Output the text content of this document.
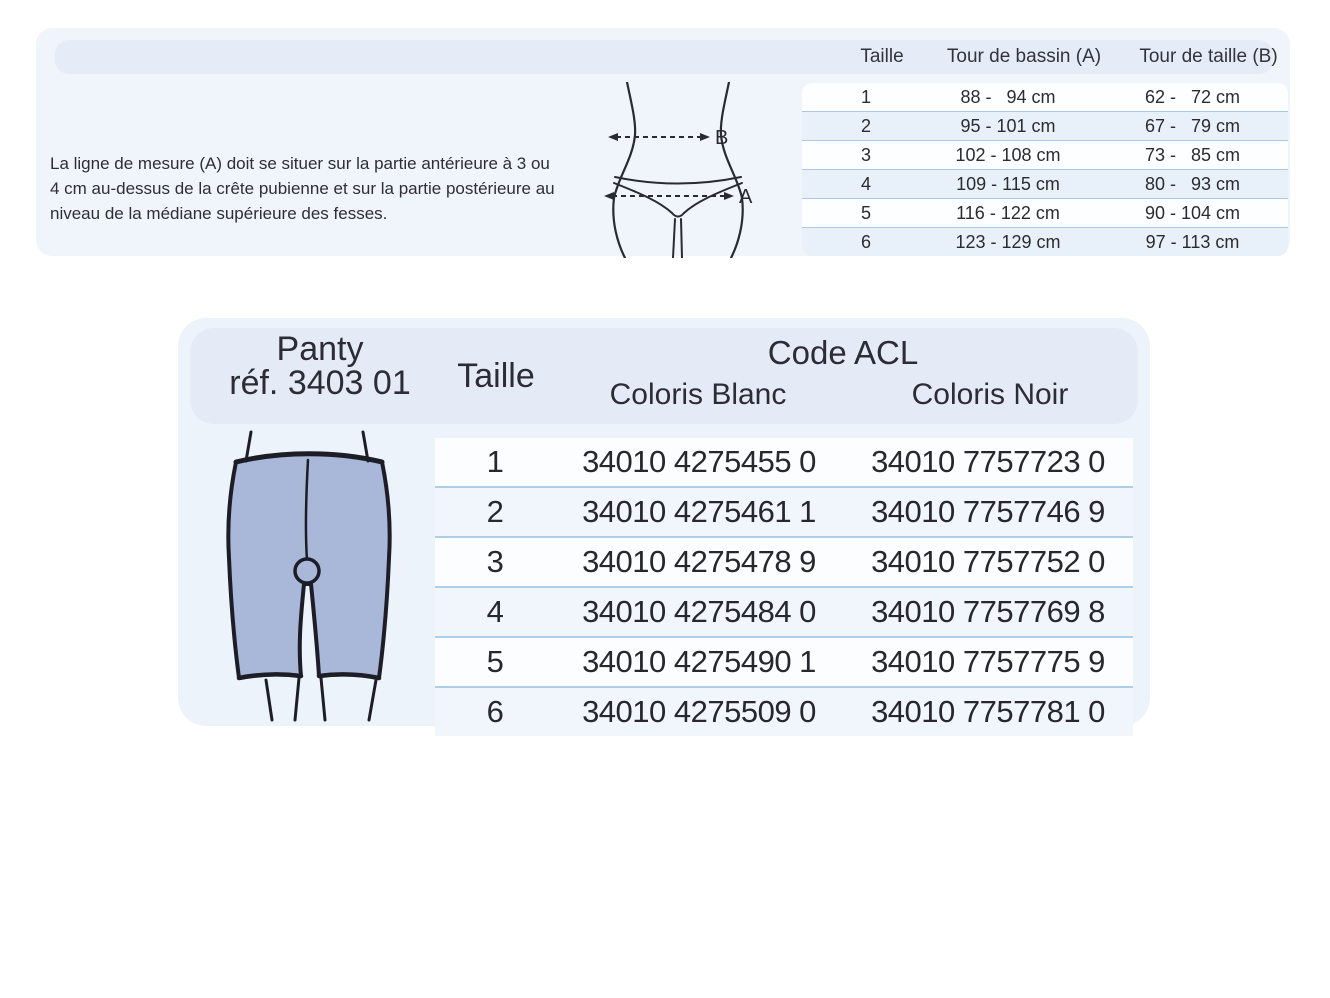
Taille	Tour de bassin (A)	Tour de taille (B)

La ligne de mesure (A) doit se situer sur la partie antérieure à 3 ou 4 cm au-dessus de la crête pubienne et sur la partie postérieure au niveau de la médiane supérieure des fesses.

B
A
1	88 -   94 cm	62 -   72 cm
2	95 - 101 cm	67 -   79 cm
3	102 - 108 cm	73 -   85 cm
4	109 - 115 cm	80 -   93 cm
5	116 - 122 cm	90 - 104 cm
6	123 - 129 cm	97 - 113 cm
Panty
réf. 3403 01	Taille
Code ACL
Coloris Blanc	Coloris Noir
1	34010 4275455 0	34010 7757723 0
2	34010 4275461 1	34010 7757746 9
3	34010 4275478 9	34010 7757752 0
4	34010 4275484 0	34010 7757769 8
5	34010 4275490 1	34010 7757775 9
6	34010 4275509 0	34010 7757781 0
